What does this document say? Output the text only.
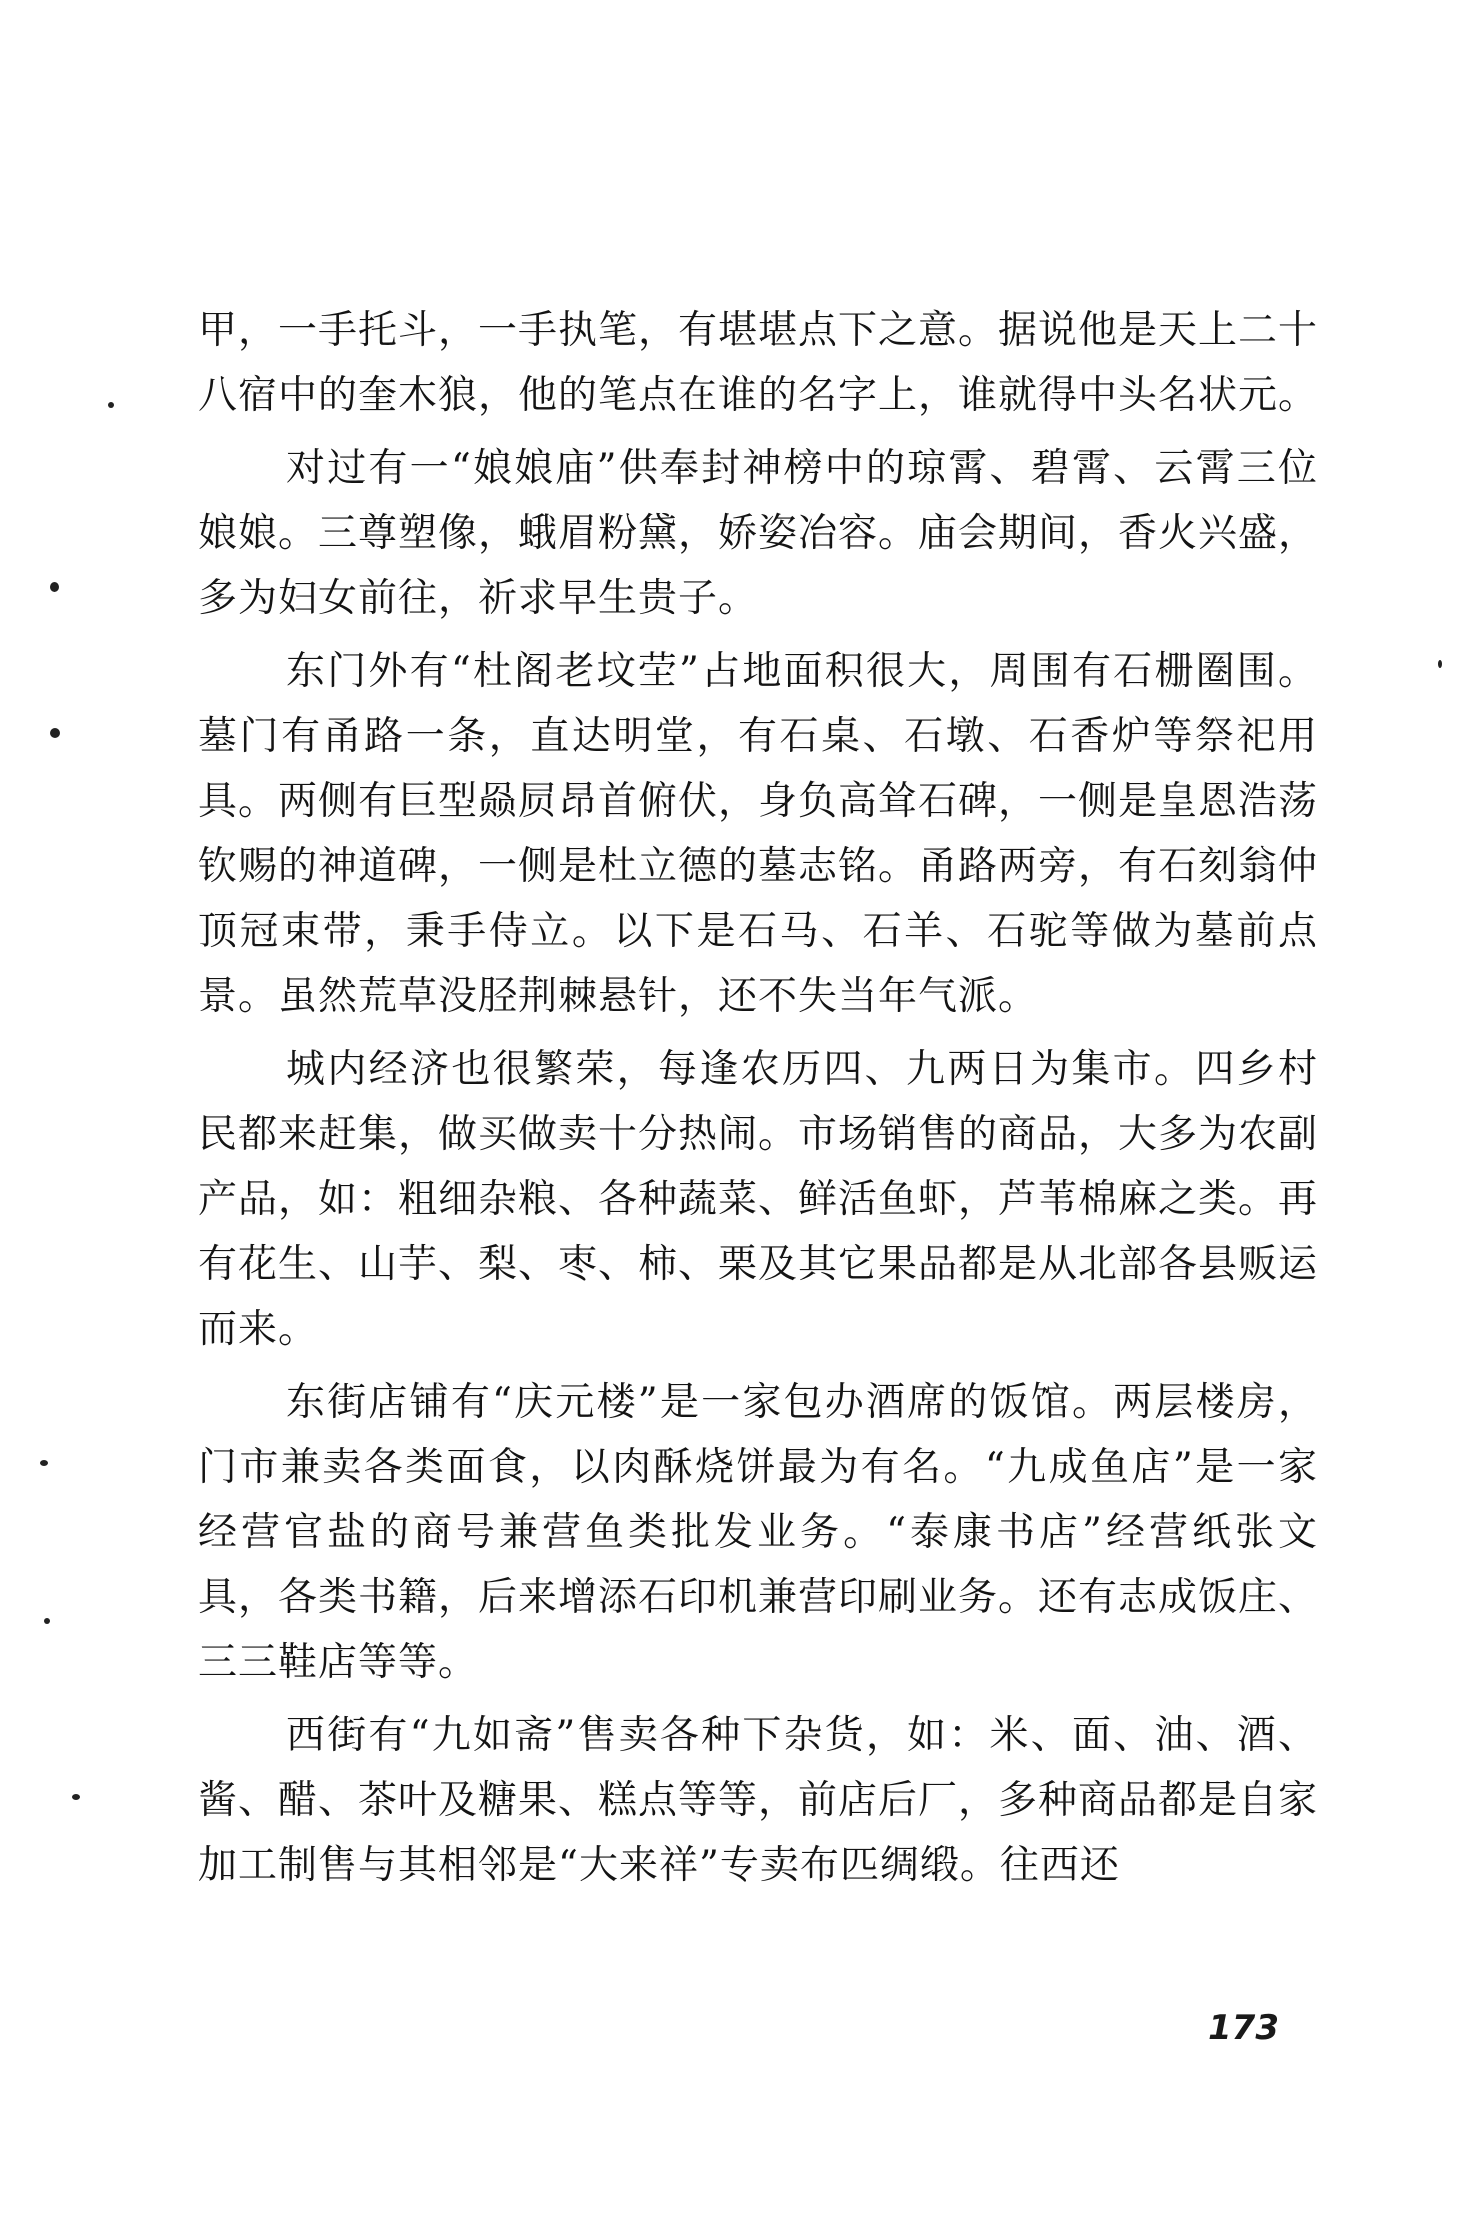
甲，一手托斗，一手执笔，有堪堪点下之意。据说他是天上二十八宿中的奎木狼，他的笔点在谁的名字上，谁就得中头名状元。

对过有一“娘娘庙”供奉封神榜中的琼霄、碧霄、云霄三位娘娘。三尊塑像，蛾眉粉黛，娇姿冶容。庙会期间，香火兴盛，多为妇女前往，祈求早生贵子。

东门外有“杜阁老坟茔”占地面积很大，周围有石栅圈围。墓门有甬路一条，直达明堂，有石桌、石墩、石香炉等祭祀用具。两侧有巨型赑屃昂首俯伏，身负高耸石碑，一侧是皇恩浩荡钦赐的神道碑，一侧是杜立德的墓志铭。甬路两旁，有石刻翁仲顶冠束带，秉手侍立。以下是石马、石羊、石驼等做为墓前点景。虽然荒草没胫荆棘悬针，还不失当年气派。

城内经济也很繁荣，每逢农历四、九两日为集市。四乡村民都来赶集，做买做卖十分热闹。市场销售的商品，大多为农副产品，如：粗细杂粮、各种蔬菜、鲜活鱼虾，芦苇棉麻之类。再有花生、山芋、梨、枣、柿、栗及其它果品都是从北部各县贩运而来。

东街店铺有“庆元楼”是一家包办酒席的饭馆。两层楼房，门市兼卖各类面食，以肉酥烧饼最为有名。“九成鱼店”是一家经营官盐的商号兼营鱼类批发业务。“泰康书店”经营纸张文具，各类书籍，后来增添石印机兼营印刷业务。还有志成饭庄、三三鞋店等等。

西街有“九如斋”售卖各种下杂货，如：米、面、油、酒、酱、醋、茶叶及糖果、糕点等等，前店后厂，多种商品都是自家加工制售与其相邻是“大来祥”专卖布匹绸缎。往西还

173
